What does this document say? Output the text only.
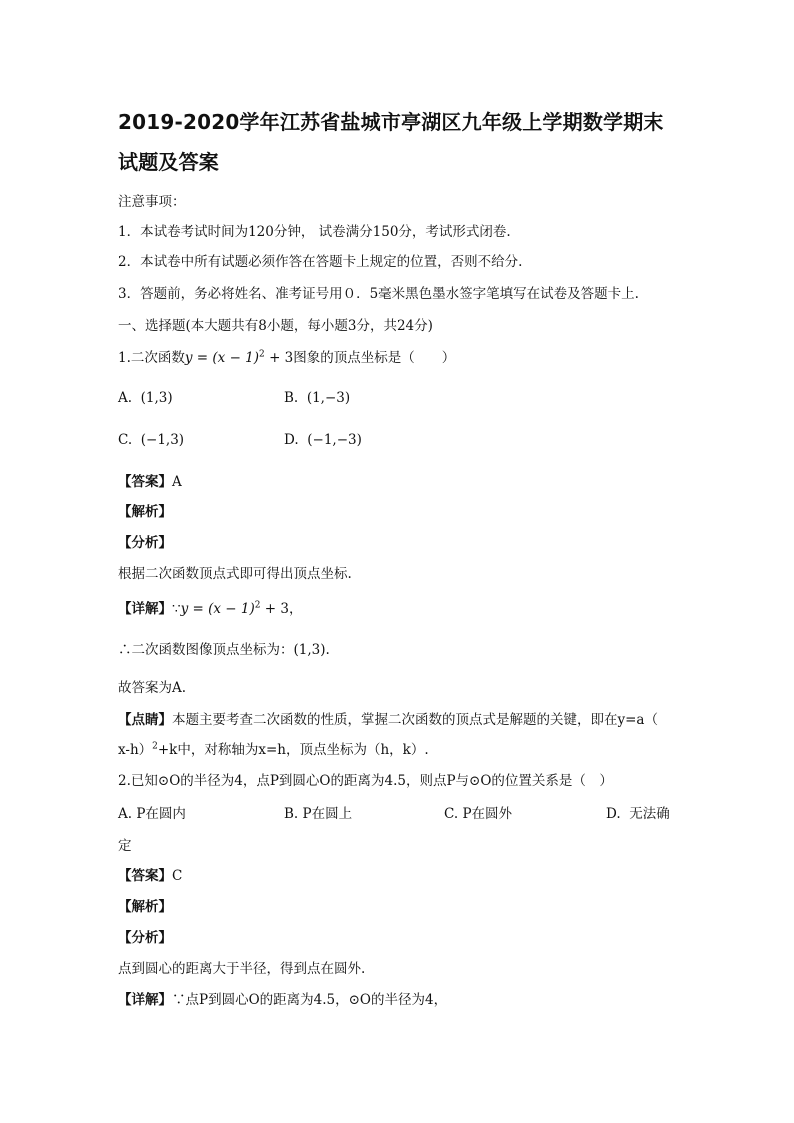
2019-2020学年江苏省盐城市亭湖区九年级上学期数学期末
试题及答案
注意事项：
1．本试卷考试时间为120分钟， 试卷满分150分，考试形式闭卷.
2．本试卷中所有试题必须作答在答题卡上规定的位置，否则不给分.
3．答题前，务必将姓名、准考证号用０．5毫米黑色墨水签字笔填写在试卷及答题卡上.
一、选择题(本大题共有8小题，每小题3分，共24分)
1.二次函数$y = (x - 1)^2 + 3$图象的顶点坐标是（　　）
A. (1,3)	B. (1,−3)
C. (−1,3)	D. (−1,−3)
【答案】A
【解析】
【分析】
根据二次函数顶点式即可得出顶点坐标.
【详解】∵y = $(x - 1)^2 + 3$，
∴二次函数图像顶点坐标为：(1,3).
故答案为A.
【点睛】本题主要考查二次函数的性质，掌握二次函数的顶点式是解题的关键，即在y=a（
x-h）$^2$+k中，对称轴为x=h，顶点坐标为（h，k）.
2.已知⊙O的半径为4，点P到圆心O的距离为4.5，则点P与⊙O的位置关系是（　）
A. P在圆内	B. P在圆上	C. P在圆外	D. 无法确
定
【答案】C
【解析】
【分析】
点到圆心的距离大于半径，得到点在圆外.
【详解】∵点P到圆心O的距离为4.5，⊙O的半径为4，
